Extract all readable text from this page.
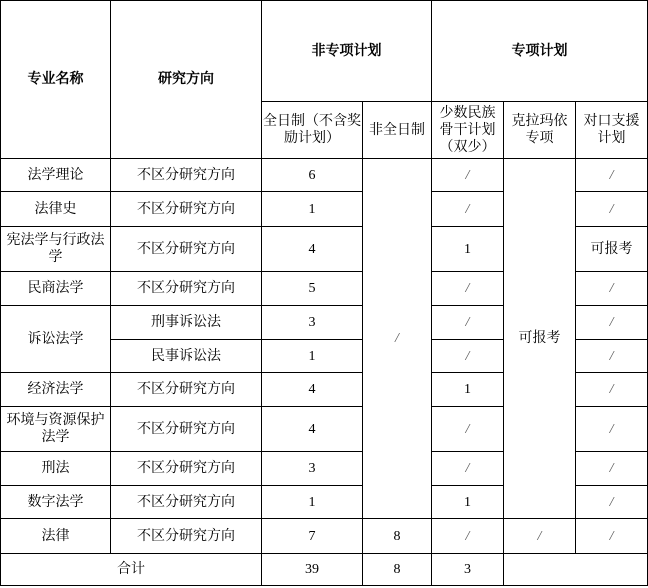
专业名称	研究方向	非专项计划		专项计划		
		全日制（不含奖励计划）	非全日制	少数民族骨干计划（双少）	克拉玛依专项	对口支援计划
法学理论	不区分研究方向	6	/	/	可报考	/
法律史	不区分研究方向	1		/		/
宪法学与行政法学	不区分研究方向	4		1		可报考
民商法学	不区分研究方向	5		/		/
诉讼法学	刑事诉讼法	3		/		/
	民事诉讼法	1		/		/
经济法学	不区分研究方向	4		1		/
环境与资源保护法学	不区分研究方向	4		/		/
刑法	不区分研究方向	3		/		/
数字法学	不区分研究方向	1		1		/
法律	不区分研究方向	7	8	/	/	/
合计		39	8	3		
